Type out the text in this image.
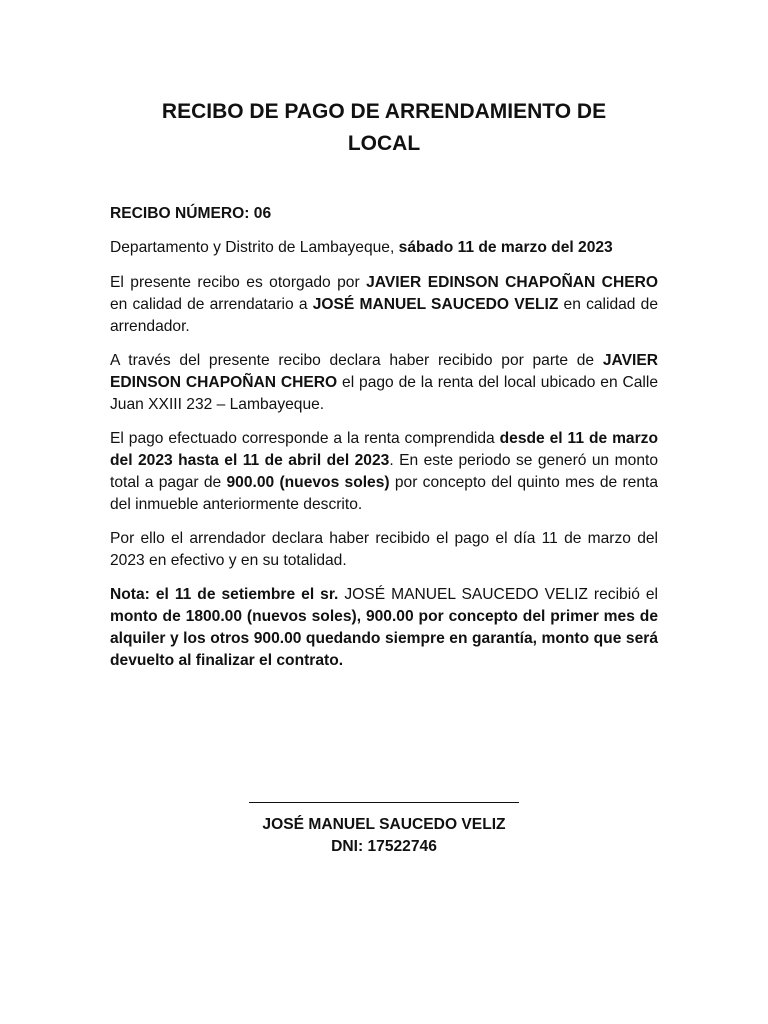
RECIBO DE PAGO DE ARRENDAMIENTO DE
LOCAL

RECIBO NÚMERO: 06

Departamento y Distrito de Lambayeque, sábado 11 de marzo del 2023

El presente recibo es otorgado por JAVIER EDINSON CHAPOÑAN CHERO en calidad de arrendatario a JOSÉ MANUEL SAUCEDO VELIZ en calidad de arrendador.

A través del presente recibo declara haber recibido por parte de JAVIER EDINSON CHAPOÑAN CHERO el pago de la renta del local ubicado en Calle Juan XXIII 232 – Lambayeque.

El pago efectuado corresponde a la renta comprendida desde el 11 de marzo del 2023 hasta el 11 de abril del 2023. En este periodo se generó un monto total a pagar de 900.00 (nuevos soles) por concepto del quinto mes de renta del inmueble anteriormente descrito.

Por ello el arrendador declara haber recibido el pago el día 11 de marzo del 2023 en efectivo y en su totalidad.

Nota: el 11 de setiembre el sr. JOSÉ MANUEL SAUCEDO VELIZ recibió el monto de 1800.00 (nuevos soles), 900.00 por concepto del primer mes de alquiler y los otros 900.00 quedando siempre en garantía, monto que será devuelto al finalizar el contrato.

JOSÉ MANUEL SAUCEDO VELIZ
DNI: 17522746
